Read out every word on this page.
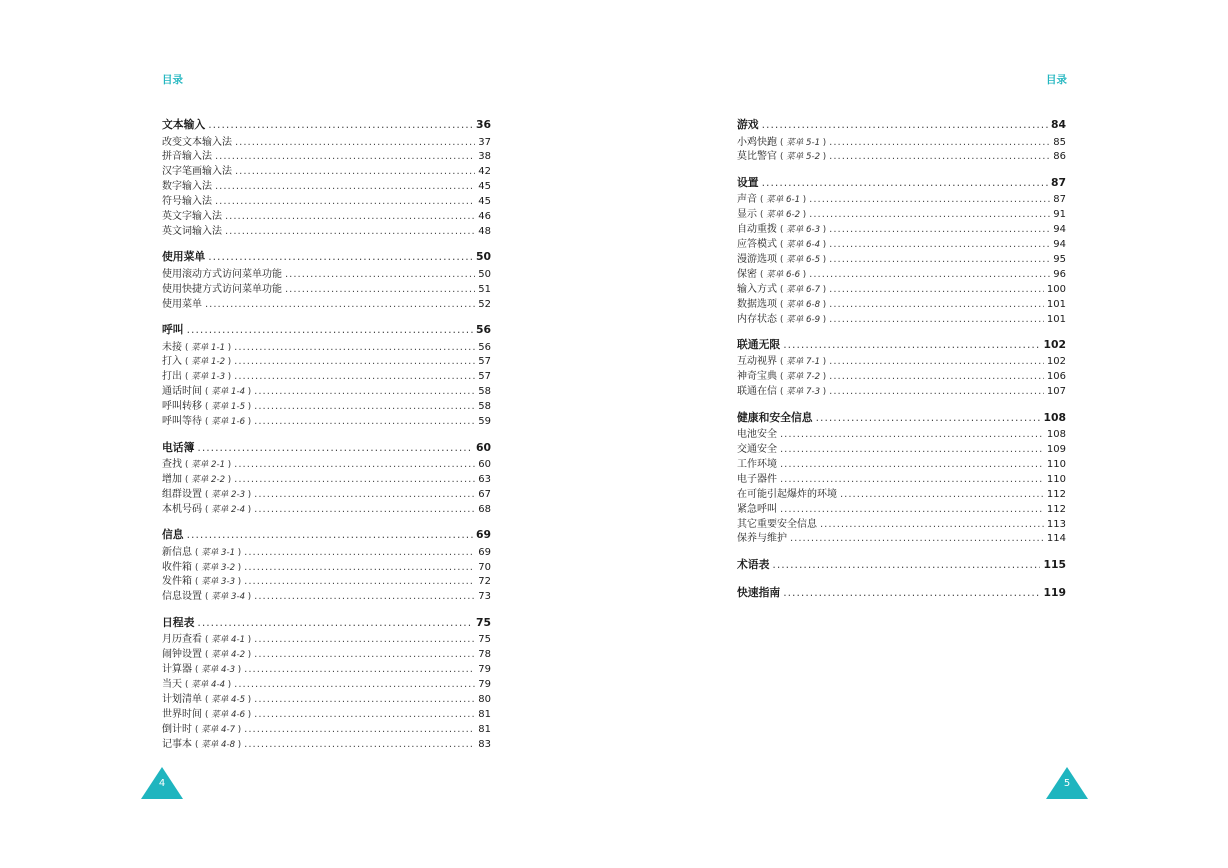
目录
文本输入 .....	36
改变文本输入法 .....	37
拼音输入法 .....	38
汉字笔画输入法 .....	42
数字输入法 .....	45
符号输入法 .....	45
英文字输入法 .....	46
英文词输入法 .....	48
使用菜单 .....	50
使用滚动方式访问菜单功能 .....	50
使用快捷方式访问菜单功能 .....	51
使用菜单 .....	52
呼叫 .....	56
未接	( 菜单 1-1 ) .....	56
打入	( 菜单 1-2 ) .....	57
打出	( 菜单 1-3 ) .....	57
通话时间	( 菜单 1-4 ) .....	58
呼叫转移	( 菜单 1-5 ) .....	58
呼叫等待	( 菜单 1-6 ) .....	59
电话簿 .....	60
查找	( 菜单 2-1 ) .....	60
增加	( 菜单 2-2 ) .....	63
组群设置	( 菜单 2-3 ) .....	67
本机号码	( 菜单 2-4 ) .....	68
信息 .....	69
新信息	( 菜单 3-1 ) .....	69
收件箱	( 菜单 3-2 ) .....	70
发件箱	( 菜单 3-3 ) .....	72
信息设置	( 菜单 3-4 ) .....	73
日程表 .....	75
月历查看	( 菜单 4-1 ) .....	75
闹钟设置	( 菜单 4-2 ) .....	78
计算器	( 菜单 4-3 ) .....	79
当天	( 菜单 4-4 ) .....	79
计划清单	( 菜单 4-5 ) .....	80
世界时间	( 菜单 4-6 ) .....	81
倒计时	( 菜单 4-7 ) .....	81
记事本	( 菜单 4-8 ) .....	83
4
目录
游戏 .....	84
小鸡快跑	( 菜单 5-1 ) .....	85
莫比警官	( 菜单 5-2 ) .....	86
设置 .....	87
声音	( 菜单 6-1 ) .....	87
显示	( 菜单 6-2 ) .....	91
自动重拨	( 菜单 6-3 ) .....	94
应答模式	( 菜单 6-4 ) .....	94
漫游选项	( 菜单 6-5 ) .....	95
保密	( 菜单 6-6 ) .....	96
输入方式	( 菜单 6-7 ) .....	100
数据选项	( 菜单 6-8 ) .....	101
内存状态	( 菜单 6-9 ) .....	101
联通无限 .....	102
互动视界	( 菜单 7-1 ) .....	102
神奇宝典	( 菜单 7-2 ) .....	106
联通在信	( 菜单 7-3 ) .....	107
健康和安全信息 .....	108
电池安全 .....	108
交通安全 .....	109
工作环境 .....	110
电子器件 .....	110
在可能引起爆炸的环境 .....	112
紧急呼叫 .....	112
其它重要安全信息 .....	113
保养与维护 .....	114
术语表 .....	115
快速指南 .....	119
5
